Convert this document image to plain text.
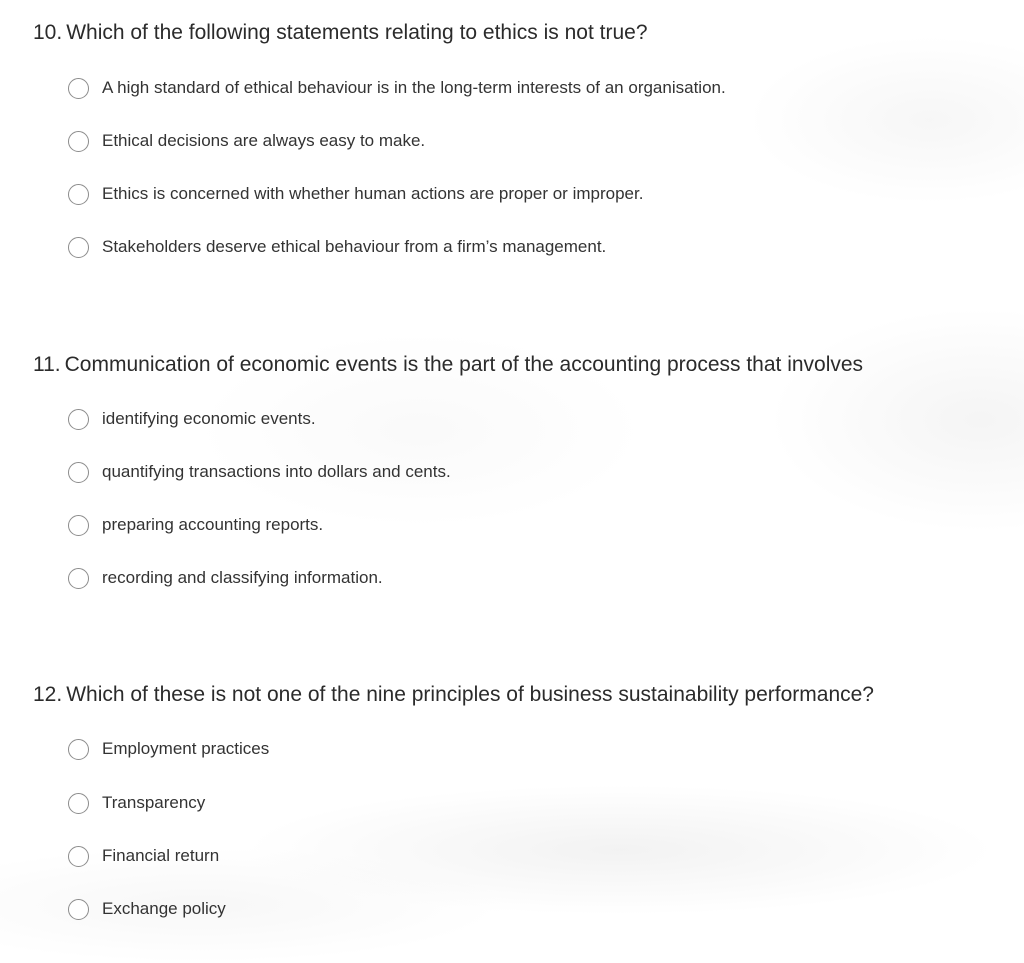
10. Which of the following statements relating to ethics is not true?
A high standard of ethical behaviour is in the long-term interests of an organisation.
Ethical decisions are always easy to make.
Ethics is concerned with whether human actions are proper or improper.
Stakeholders deserve ethical behaviour from a firm’s management.
11. Communication of economic events is the part of the accounting process that involves
identifying economic events.
quantifying transactions into dollars and cents.
preparing accounting reports.
recording and classifying information.
12. Which of these is not one of the nine principles of business sustainability performance?
Employment practices
Transparency
Financial return
Exchange policy
